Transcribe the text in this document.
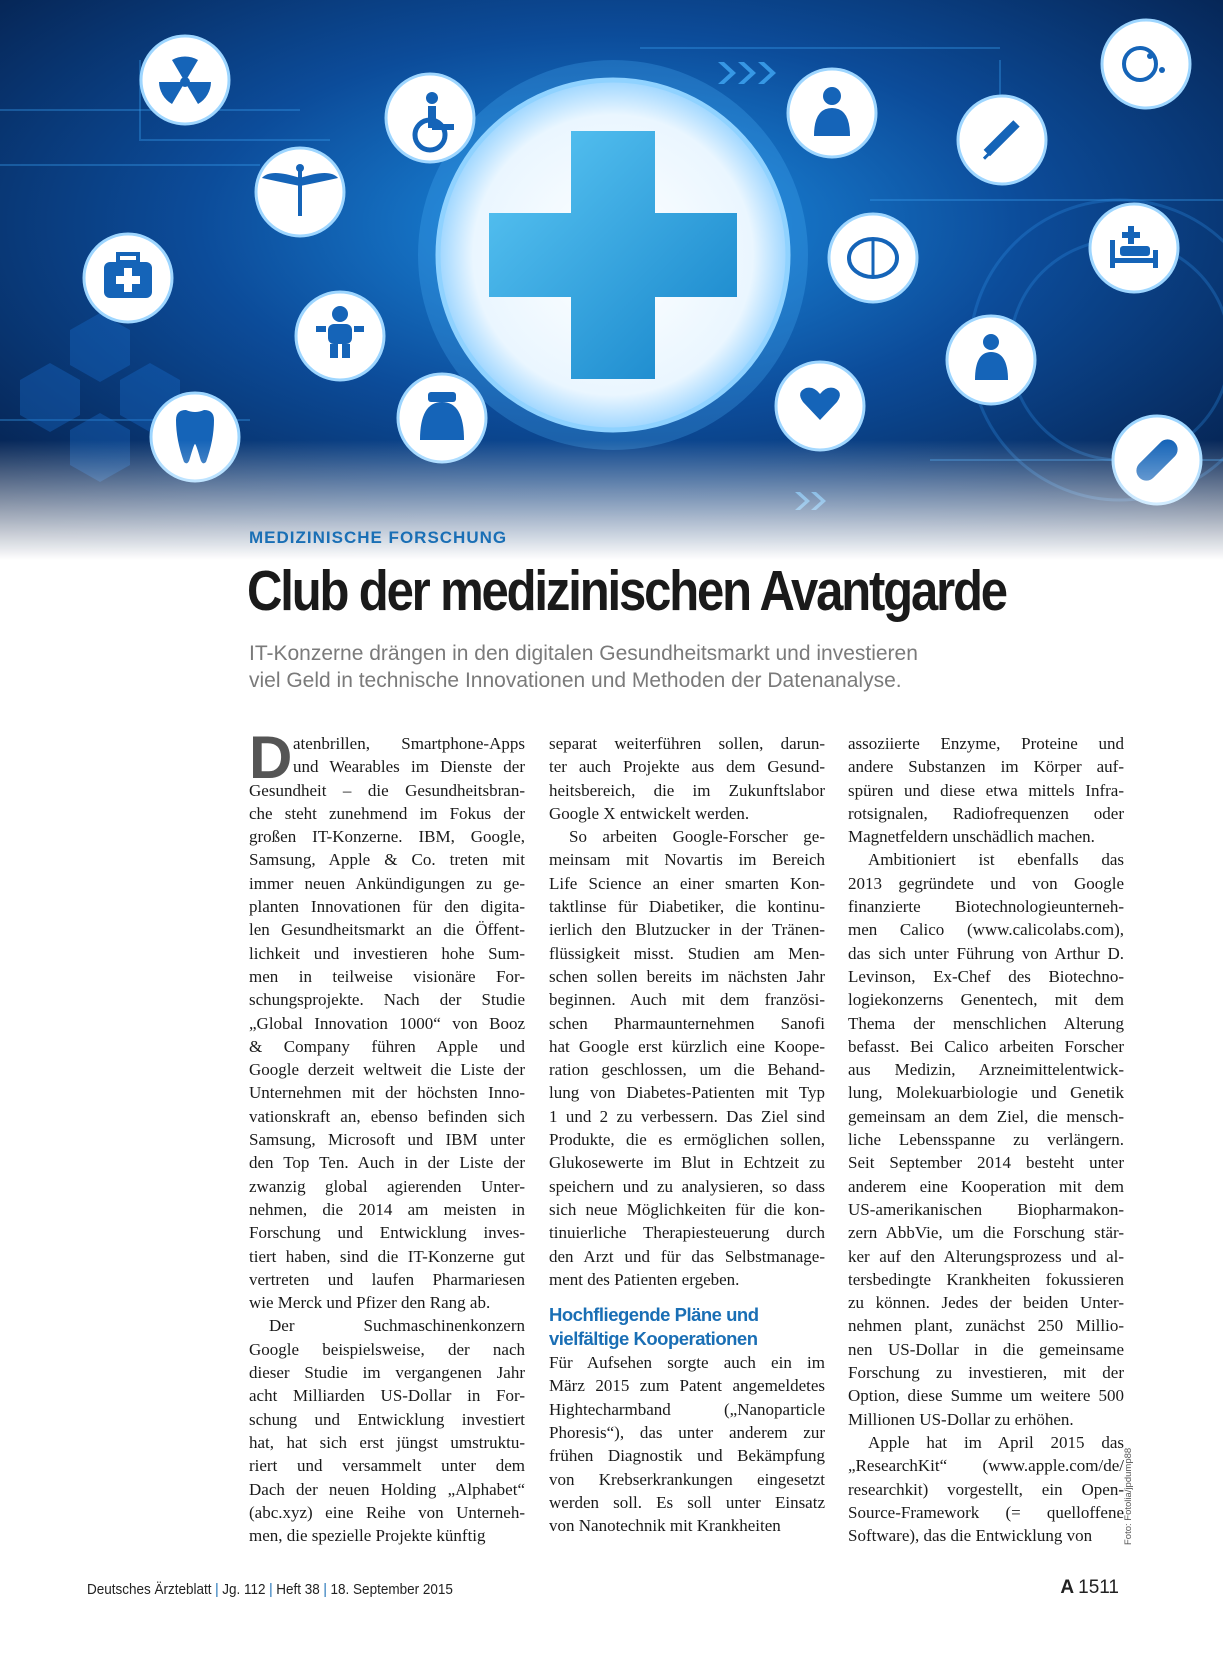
MEDIZINISCHE FORSCHUNG
Club der medizinischen Avantgarde
IT-Konzerne drängen in den digitalen Gesundheitsmarkt und investieren
viel Geld in technische Innovationen und Methoden der Datenanalyse.
D atenbrillen, Smartphone-Apps
und Wearables im Dienste der
Gesundheit – die Gesundheitsbran-
che steht zunehmend im Fokus der
großen IT-Konzerne. IBM, Google,
Samsung, Apple & Co. treten mit
immer neuen Ankündigungen zu ge-
planten Innovationen für den digita-
len Gesundheitsmarkt an die Öffent-
lichkeit und investieren hohe Sum-
men in teilweise visionäre For-
schungsprojekte. Nach der Studie
„Global Innovation 1000“ von Booz
& Company führen Apple und
Google derzeit weltweit die Liste der
Unternehmen mit der höchsten Inno-
vationskraft an, ebenso befinden sich
Samsung, Microsoft und IBM unter
den Top Ten. Auch in der Liste der
zwanzig global agierenden Unter-
nehmen, die 2014 am meisten in
Forschung und Entwicklung inves-
tiert haben, sind die IT-Konzerne gut
vertreten und laufen Pharmariesen
wie Merck und Pfizer den Rang ab.
Der Suchmaschinenkonzern
Google beispielsweise, der nach
dieser Studie im vergangenen Jahr
acht Milliarden US-Dollar in For-
schung und Entwicklung investiert
hat, hat sich erst jüngst umstruktu-
riert und versammelt unter dem
Dach der neuen Holding „Alphabet“
(abc.xyz) eine Reihe von Unterneh-
men, die spezielle Projekte künftig
separat weiterführen sollen, darun-
ter auch Projekte aus dem Gesund-
heitsbereich, die im Zukunftslabor
Google X entwickelt werden.
So arbeiten Google-Forscher ge-
meinsam mit Novartis im Bereich
Life Science an einer smarten Kon-
taktlinse für Diabetiker, die kontinu-
ierlich den Blutzucker in der Tränen-
flüssigkeit misst. Studien am Men-
schen sollen bereits im nächsten Jahr
beginnen. Auch mit dem französi-
schen Pharmaunternehmen Sanofi
hat Google erst kürzlich eine Koope-
ration geschlossen, um die Behand-
lung von Diabetes-Patienten mit Typ
1 und 2 zu verbessern. Das Ziel sind
Produkte, die es ermöglichen sollen,
Glukosewerte im Blut in Echtzeit zu
speichern und zu analysieren, so dass
sich neue Möglichkeiten für die kon-
tinuierliche Therapiesteuerung durch
den Arzt und für das Selbstmanage-
ment des Patienten ergeben.
Hochfliegende Pläne und
vielfältige Kooperationen
Für Aufsehen sorgte auch ein im
März 2015 zum Patent angemeldetes
Hightecharmband („Nanoparticle
Phoresis“), das unter anderem zur
frühen Diagnostik und Bekämpfung
von Krebserkrankungen eingesetzt
werden soll. Es soll unter Einsatz
von Nanotechnik mit Krankheiten
assoziierte Enzyme, Proteine und
andere Substanzen im Körper auf-
spüren und diese etwa mittels Infra-
rotsignalen, Radiofrequenzen oder
Magnetfeldern unschädlich machen.
Ambitioniert ist ebenfalls das
2013 gegründete und von Google
finanzierte Biotechnologieunterneh-
men Calico (www.calicolabs.com),
das sich unter Führung von Arthur D.
Levinson, Ex-Chef des Biotechno-
logiekonzerns Genentech, mit dem
Thema der menschlichen Alterung
befasst. Bei Calico arbeiten Forscher
aus Medizin, Arzneimittelentwick-
lung, Molekuarbiologie und Genetik
gemeinsam an dem Ziel, die mensch-
liche Lebensspanne zu verlängern.
Seit September 2014 besteht unter
anderem eine Kooperation mit dem
US-amerikanischen Biopharmakon-
zern AbbVie, um die Forschung stär-
ker auf den Alterungsprozess und al-
tersbedingte Krankheiten fokussieren
zu können. Jedes der beiden Unter-
nehmen plant, zunächst 250 Millio-
nen US-Dollar in die gemeinsame
Forschung zu investieren, mit der
Option, diese Summe um weitere 500
Millionen US-Dollar zu erhöhen.
Apple hat im April 2015 das
„ResearchKit“ (www.apple.com/de/
researchkit) vorgestellt, ein Open-
Source-Framework (= quelloffene
Software), das die Entwicklung von
Deutsches Ärzteblatt | Jg. 112 | Heft 38 | 18. September 2015	A 1511
Foto: Fotolia/jpdump88
